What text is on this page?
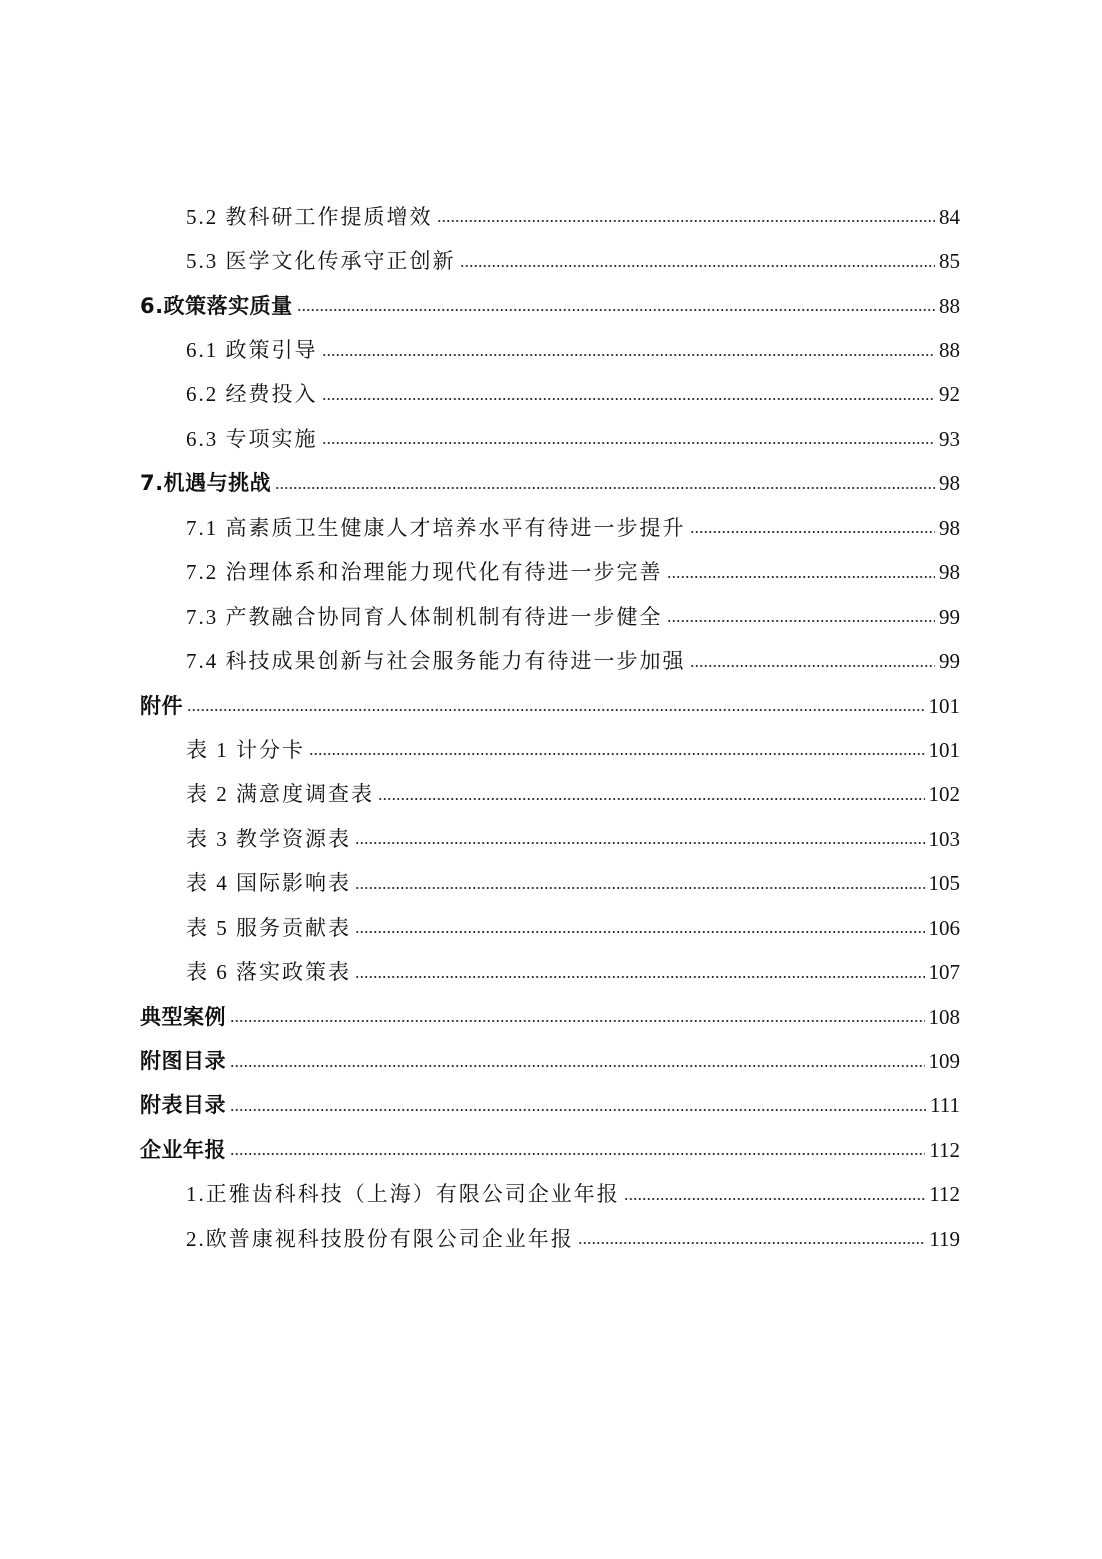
5.2 教科研工作提质增效	84
5.3 医学文化传承守正创新	85
6.政策落实质量	88
6.1 政策引导	88
6.2 经费投入	92
6.3 专项实施	93
7.机遇与挑战	98
7.1 高素质卫生健康人才培养水平有待进一步提升	98
7.2 治理体系和治理能力现代化有待进一步完善	98
7.3 产教融合协同育人体制机制有待进一步健全	99
7.4 科技成果创新与社会服务能力有待进一步加强	99
附件	101
表 1 计分卡	101
表 2 满意度调查表	102
表 3 教学资源表	103
表 4 国际影响表	105
表 5 服务贡献表	106
表 6 落实政策表	107
典型案例	108
附图目录	109
附表目录	111
企业年报	112
1.正雅齿科科技（上海）有限公司企业年报	112
2.欧普康视科技股份有限公司企业年报	119
